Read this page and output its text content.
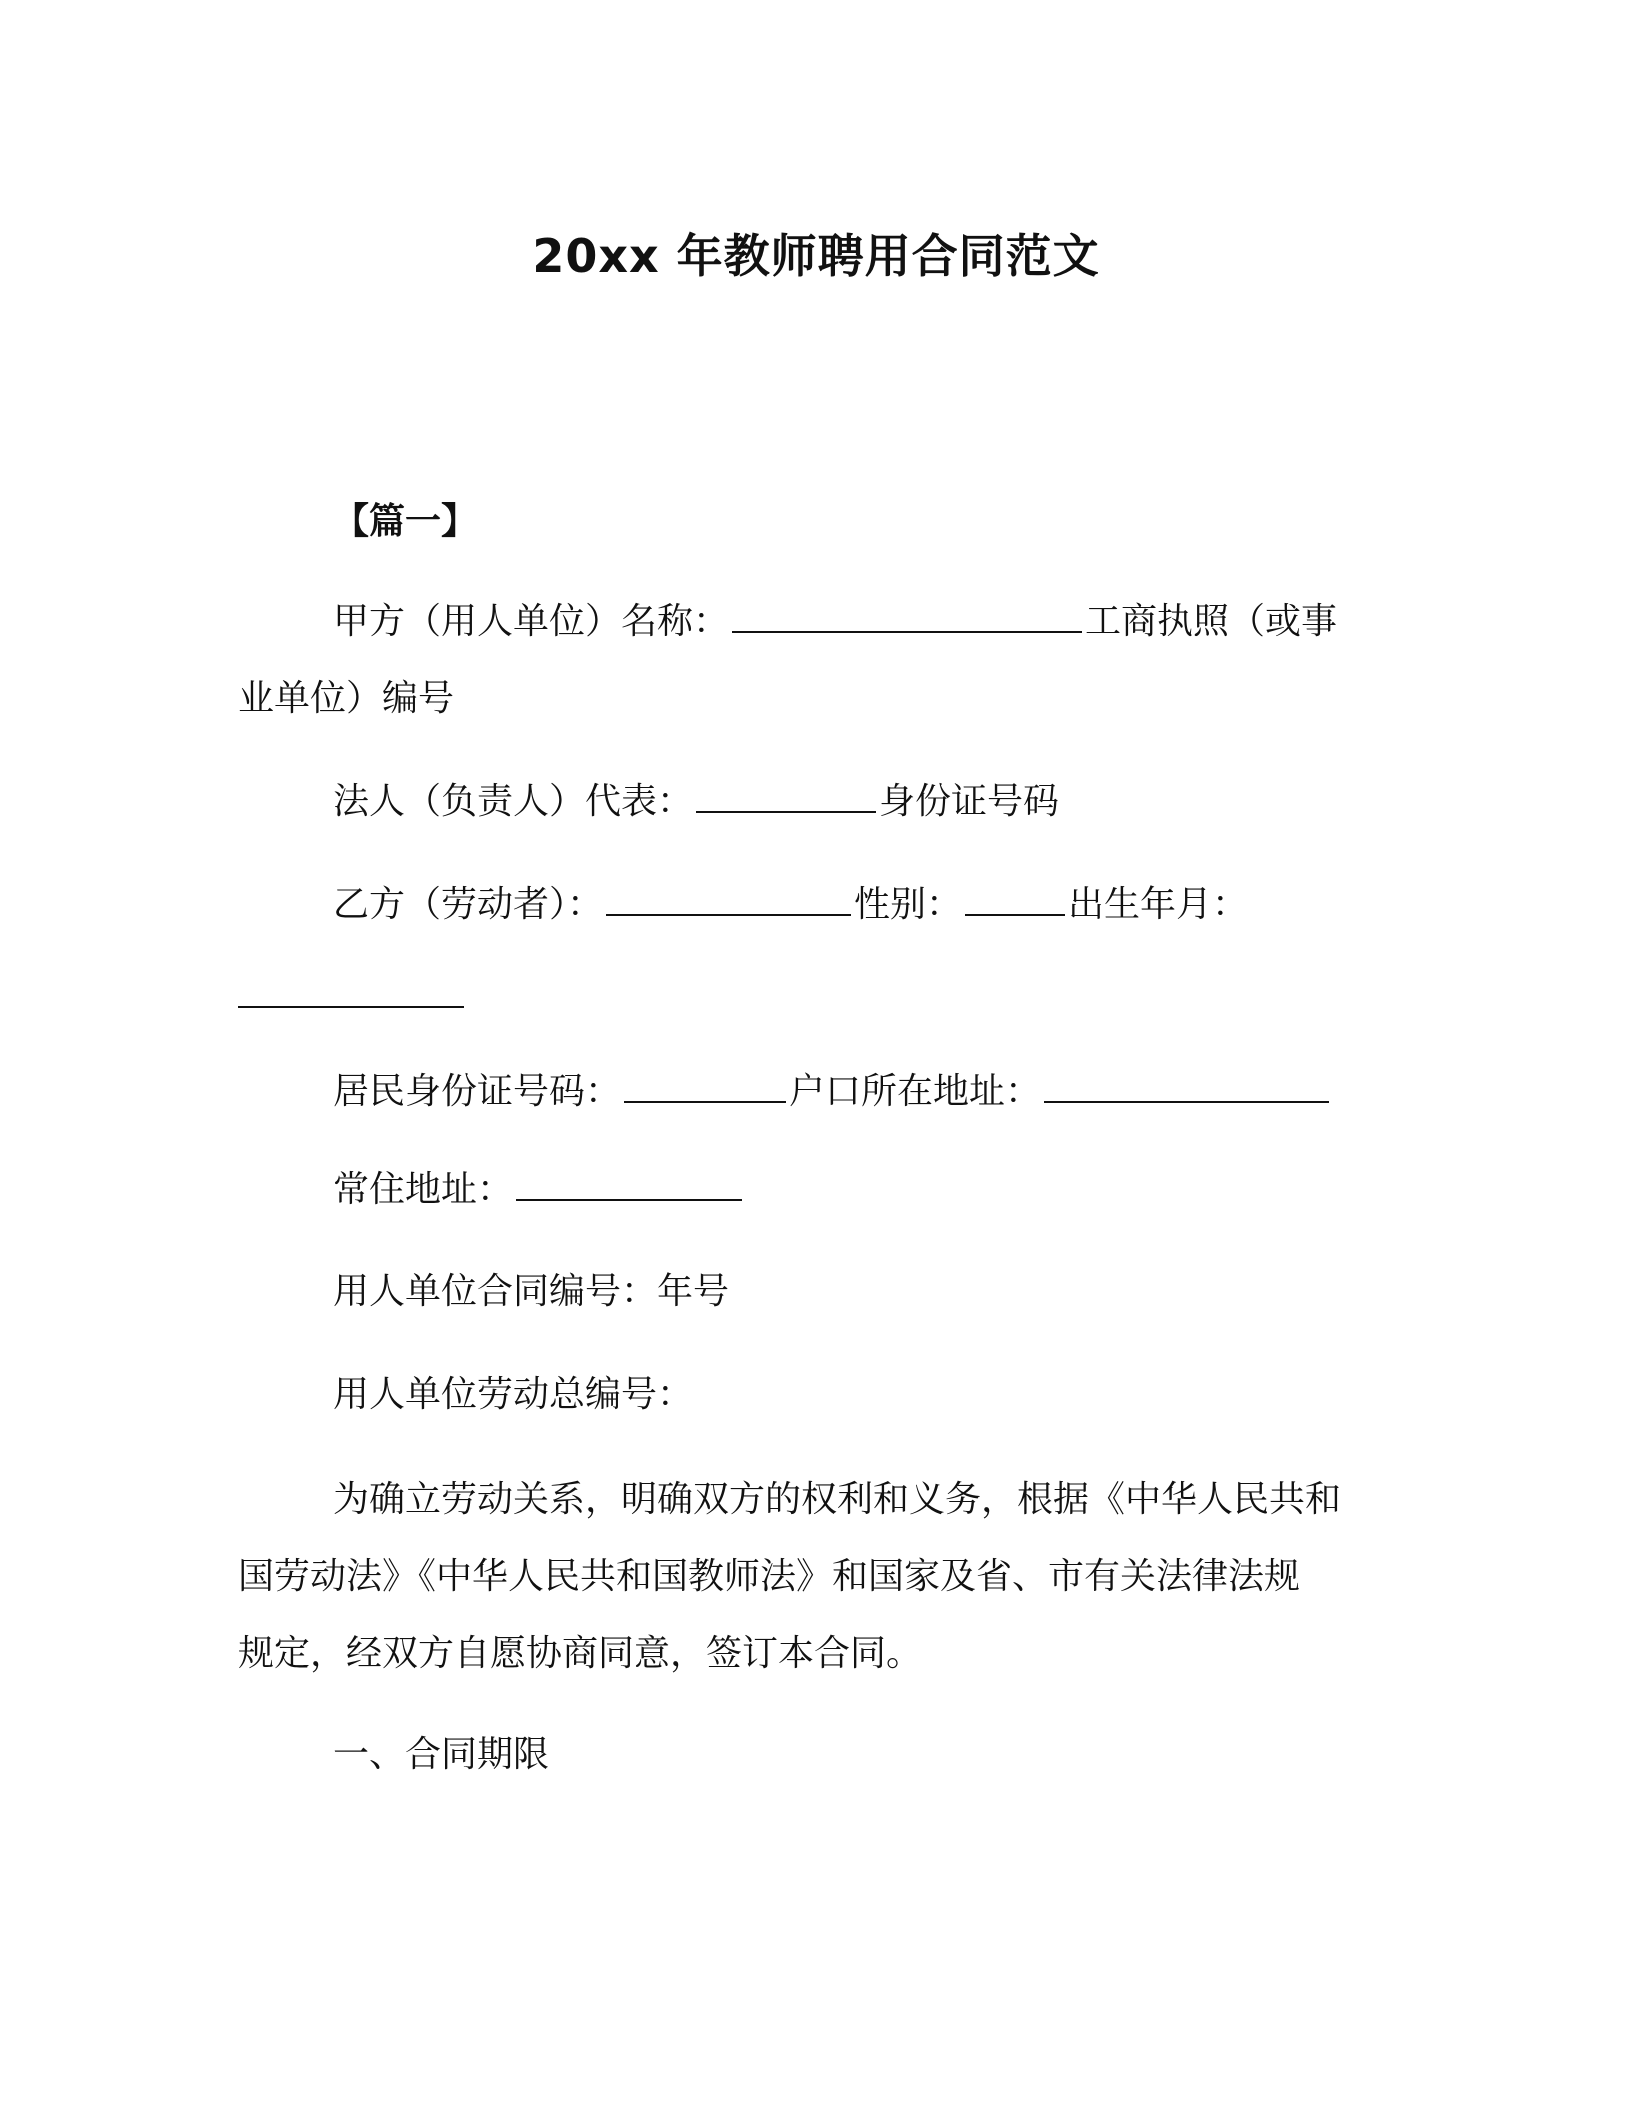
20xx 年教师聘用合同范文
【篇一】
甲方（用人单位）名称：	工商执照（或事
业单位）编号
法人（负责人）代表：	身份证号码
乙方（劳动者）：	性别：	出生年月：
居民身份证号码：	户口所在地址：
常住地址：
用人单位合同编号：年号
用人单位劳动总编号：
为确立劳动关系，明确双方的权利和义务，根据《中华人民共和
国劳动法》《中华人民共和国教师法》和国家及省、市有关法律法规
规定，经双方自愿协商同意，签订本合同。
一、合同期限
